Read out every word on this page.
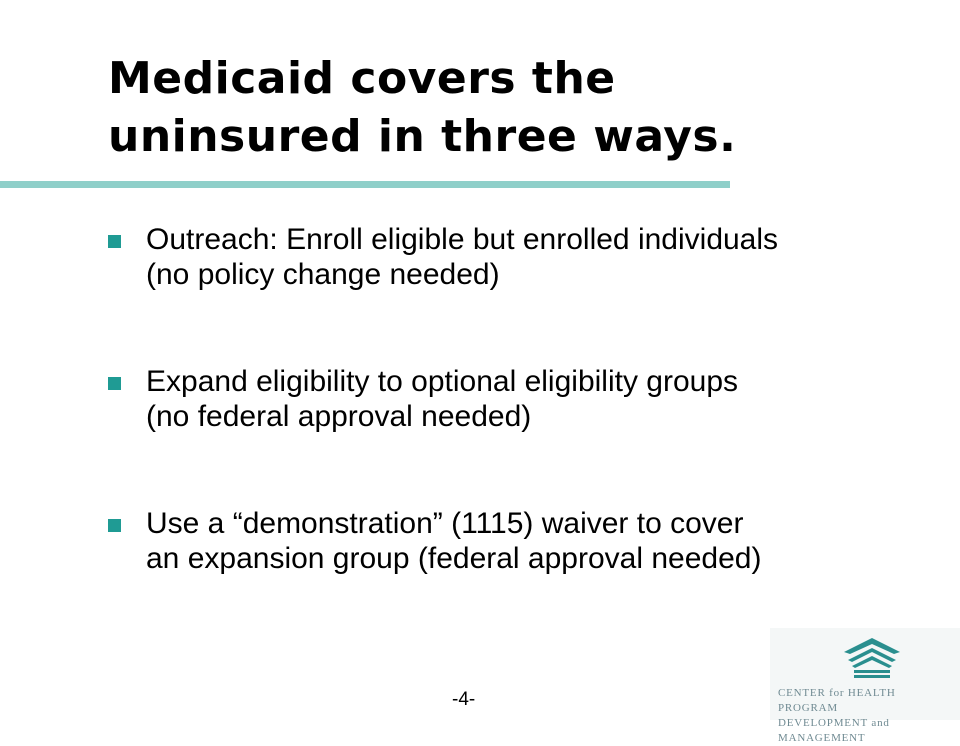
Medicaid covers the
uninsured in three ways.
Outreach: Enroll eligible but enrolled individuals
(no policy change needed)
Expand eligibility to optional eligibility groups
(no federal approval needed)
Use a “demonstration” (1115) waiver to cover
an expansion group (federal approval needed)
-4-	CENTER for HEALTH PROGRAM
DEVELOPMENT and MANAGEMENT
